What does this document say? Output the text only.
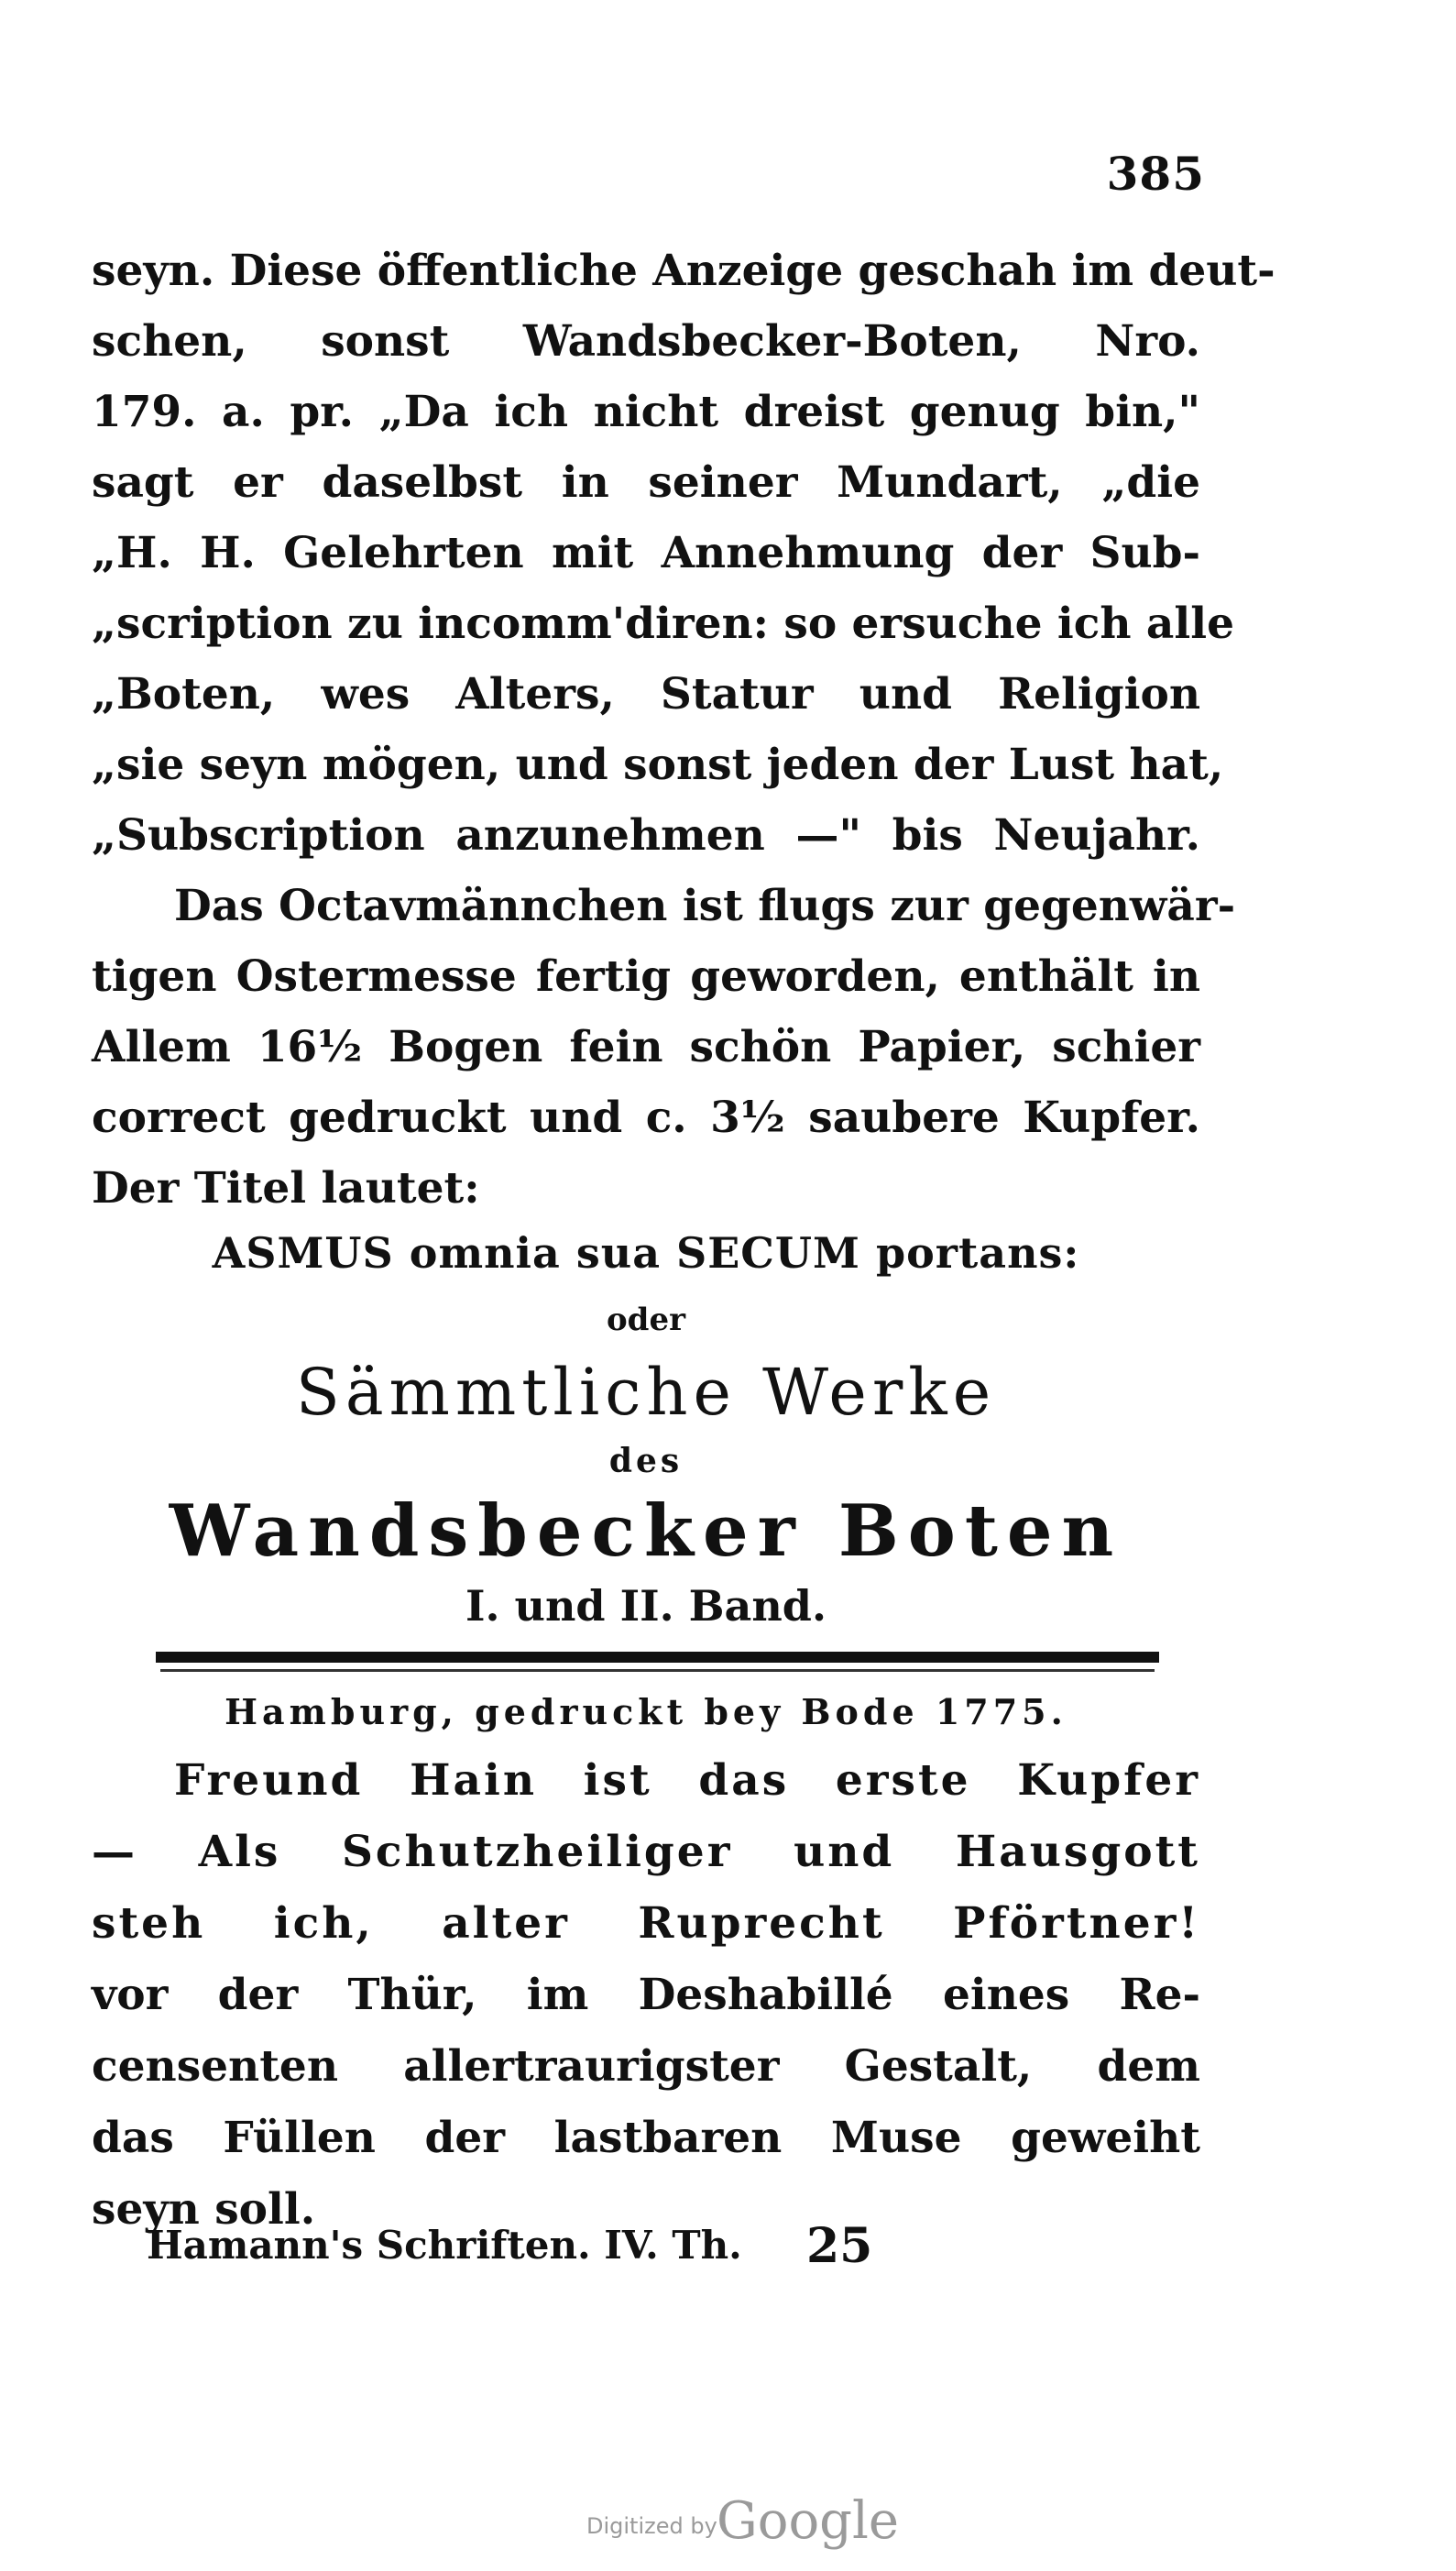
385
seyn. Diese öffentliche Anzeige geschah im deut-
schen, sonst Wandsbecker-Boten, Nro.
179. a. pr. „Da ich nicht dreist genug bin,"
sagt er daselbst in seiner Mundart, „die
„H. H. Gelehrten mit Annehmung der Sub-
„scription zu incomm'diren: so ersuche ich alle
„Boten, wes Alters, Statur und Religion
„sie seyn mögen, und sonst jeden der Lust hat,
„Subscription anzunehmen —" bis Neujahr.
Das Octavmännchen ist flugs zur gegenwär-
tigen Ostermesse fertig geworden, enthält in
Allem 16½ Bogen fein schön Papier, schier
correct gedruckt und c. 3½ saubere Kupfer.
Der Titel lautet:
ASMUS omnia sua SECUM portans:
oder
Sämmtliche Werke
des
Wandsbecker Boten
I. und II. Band.
Hamburg, gedruckt bey Bode 1775.
Freund Hain ist das erste Kupfer
— Als Schutzheiliger und Hausgott
steh ich, alter Ruprecht Pförtner!
vor der Thür, im Deshabillé eines Re-
censenten allertraurigster Gestalt, dem
das Füllen der lastbaren Muse geweiht
seyn soll.
Hamann's Schriften. IV. Th. 25
Digitized by Google
